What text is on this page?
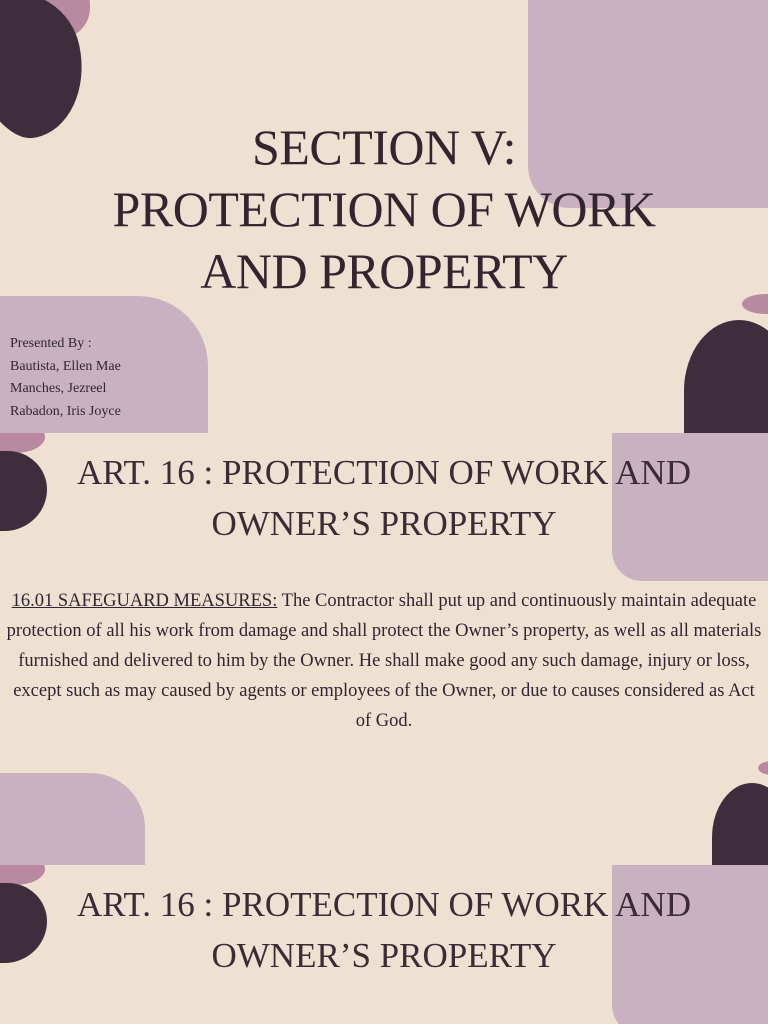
SECTION V:
PROTECTION OF WORK
AND PROPERTY
Presented By :
Bautista, Ellen Mae
Manches, Jezreel
Rabadon, Iris Joyce
ART. 16 : PROTECTION OF WORK AND
OWNER’S PROPERTY

16.01 SAFEGUARD MEASURES: The Contractor shall put up and continuously maintain adequate protection of all his work from damage and shall protect the Owner’s property, as well as all materials furnished and delivered to him by the Owner. He shall make good any such damage, injury or loss, except such as may caused by agents or employees of the Owner, or due to causes considered as Act of God.

ART. 16 : PROTECTION OF WORK AND
OWNER’S PROPERTY
